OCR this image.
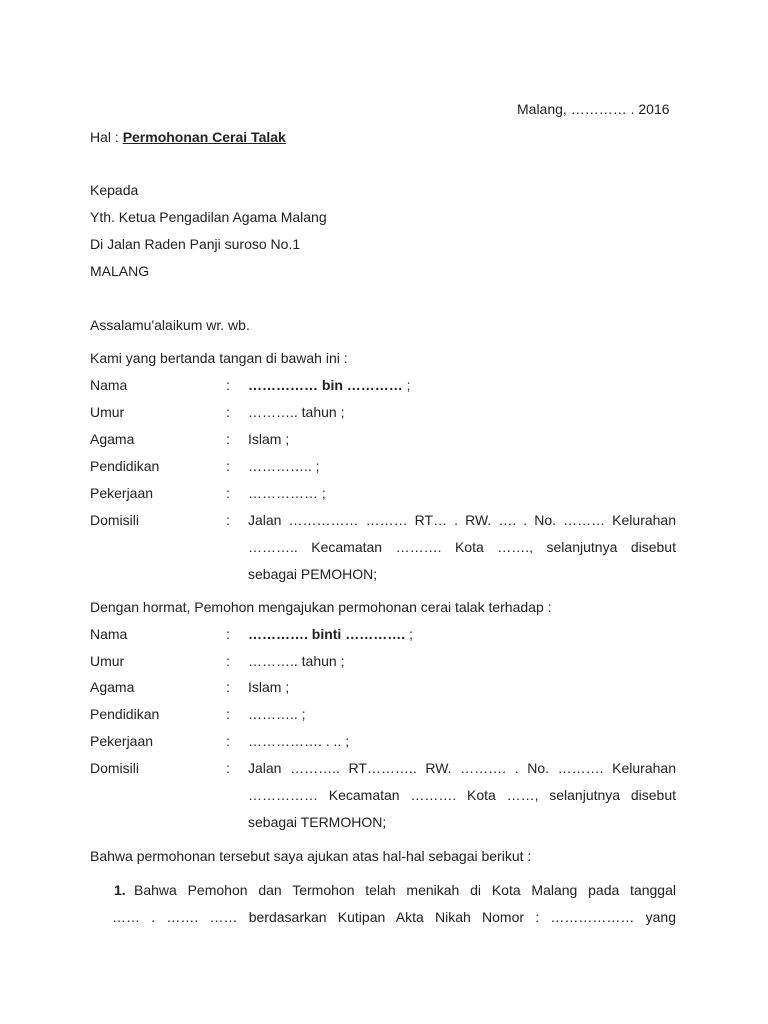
Malang, ………… . 2016
Hal : Permohonan Cerai Talak
Kepada
Yth. Ketua Pengadilan Agama Malang
Di Jalan Raden Panji suroso No.1
MALANG
Assalamu'alaikum wr. wb.
Kami yang bertanda tangan di bawah ini :
Nama	: …………… bin ………… ;
Umur	: ……….. tahun ;
Agama	: Islam ;
Pendidikan	: ………….. ;
Pekerjaan	: …………… ;
Domisili	: Jalan …………… ……… RT… . RW. …. . No. ……… Kelurahan
……….. Kecamatan ………. Kota ……., selanjutnya disebut
sebagai PEMOHON;
Dengan hormat, Pemohon mengajukan permohonan cerai talak terhadap :
Nama	: …………. binti …………. ;
Umur	: ……….. tahun ;
Agama	: Islam ;
Pendidikan	: ……….. ;
Pekerjaan	: ……………. . .. ;
Domisili	: Jalan ……….. RT……….. RW. ………. . No. ………. Kelurahan
…………… Kecamatan ………. Kota ……, selanjutnya disebut
sebagai TERMOHON;
Bahwa permohonan tersebut saya ajukan atas hal-hal sebagai berikut :
1. Bahwa Pemohon dan Termohon telah menikah di Kota Malang pada tanggal
…… . ……. …… berdasarkan Kutipan Akta Nikah Nomor : ……………… yang
